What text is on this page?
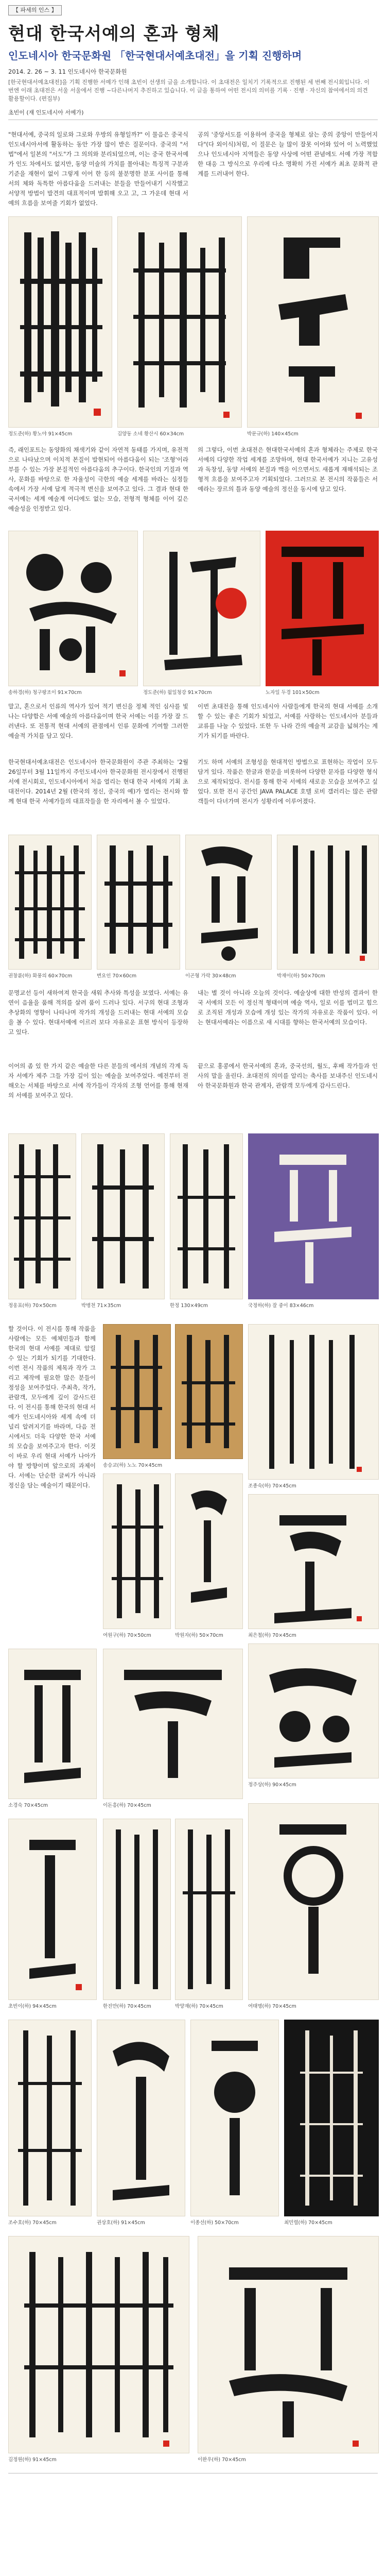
【 파세의 인스 】
현대 한국서예의 혼과 형체
인도네시아 한국문화원 「한국현대서예초대전」을 기획 진행하며
2014. 2. 26 ~ 3. 11 인도네시아 한국문화원
[한국현대서예초대전]을 기획 진행한 서예가 인해 초빈이 선생의 글을 소개합니다. 이 초대전은 일치기 기록적으로 진행된 세 번째 전시회입니다. 이번엔 이래 초대전은 서울 서울에서 진행 ~다른나머지 추진하고 있습니다. 이 글을 통하여 어떤 전시의 의미를 기록 · 진행 · 자신의 참여에서의 의견 활용할이다. (편집부)
초빈이 (재 인도네시아 서예가)
"현대서예, 중국의 일로와 그로와 우방의 유형일까?" 이 물음은 중국식 인도네시아서에 활동하는 동안 가장 많이 받은 질문이다. 중국의 "서법"에서 일본의 "서도"가 그 의의와 분리되었으며, 이는 중국 한국서예가 인도 차에서도 없지만, 동양 미술의 가치를 몰아내는 특징적 구분과 기준을 재현이 없이 그렇게 이어 한 등의 불분명한 분포 사이를 통해 서의 체와 독특한 아름다움을 드러내는 분들을 만들어내기 시작했고 서양적 방법이 발견의 대표적이며 발휘해 오고 고, 그 가운데 현대 서예의 흐름을 보여줄 기회가 없었다.
공의 '중앙서도를 이용하여 중국을 형체로 삼는 중의 중앙이 만들어지다"(다 외이식)처럼, 이 질문은 늘 많이 잘못 이어와 있어 이 노력했었으나 인도네시아 지역들은 동양 사상에 어떤 관념에도 서예 가장 적합한 대응 그 방식으로 우리에 다소 명확히 가진 서예가 최초 문화적 관계를 드러내어 한다.
정도준(하) 황노야 91×45cm	김양동 소네 황산시 60×34cm	박문규(하) 140×45cm
즉, 래인포트는 동양화의 채색기와 같이 자연적 동태를 가지며, 유전적으로 나타났으며 이치적 본질이 발현되어 아름다움이 되는 '조형'이라 부를 수 있는 가장 본질적인 아름다움의 추구이다. 한국인의 기질과 역사, 문화를 바탕으로 한 자율성이 극한의 예술 세계를 바라는 심정들 속에서 가장 서예 답게 적극적 변신을 보여주고 있다. 그 결과 현대 한국서예는 세계 예술계 어디에도 없는 모습, 전형적 형체를 이어 깊은 예술성을 인정받고 있다.
의 그렇다, 이번 초대전은 현대한국서예의 혼과 형체라는 주제로 한국서예의 다양한 작업 세계를 조망하며, 현대 한국서예가 지니는 고유성과 독창성, 동양 서예의 본질과 맥을 이으면서도 새롭게 재해석되는 조형적 흐름을 보여주고자 기획되었다. 그러므로 본 전시의 작품들은 서예라는 장르의 틀과 동양 예술의 정신을 동시에 담고 있다.
송하경(하) 청구팡조이 91×70cm	정도준(하) 월일청강 91×70cm	노자일 두경 101×50cm
말고, 혼으로서 인류의 역사가 있어 적기 변신을 정체 적인 심사를 빛나는 다양함은 서예 예술의 아름다움이며 한국 서예는 이를 가장 잘 드러낸다. 또 전통적 현대 서예의 관점에서 인류 문화에 기여할 그러한 예술적 가치를 담고 있다.
이번 초대전을 통해 인도네시아 사람들에게 한국의 현대 서예를 소개할 수 있는 좋은 기회가 되었고, 서예를 사랑하는 인도네시아 분들과 교류를 나눌 수 있었다. 또한 두 나라 간의 예술적 교감을 넓혀가는 계기가 되기를 바란다.
한국현대서예초대전은 인도네시아 한국문화원이 주관 주최하는 '2월 26일부터 3월 11일까지 주인도네시아 한국문화원 전시장에서 진행된 서예 전시회로, 인도네시아에서 처음 열리는 현대 한국 서예의 기획 초대전이다. 2014년 2월 (한국의 정신, 중국의 예)가 열리는 전시와 함께 현대 한국 서예가들의 대표작들을 한 자리에서 볼 수 있었다.
기도 하며 서예의 조형성을 현대적인 방법으로 표현하는 작업이 모두 담겨 있다. 작품은 한글과 한문을 비롯하여 다양한 문자를 다양한 형식으로 제작되었다. 전시를 통해 한국 서예의 새로운 모습을 보여주고 싶었다. 또한 전시 공간인 JAVA PALACE 호텔 로비 갤러리는 많은 관람객들이 다녀가며 전시가 성황리에 이루어졌다.
권창륜(하) 화풍의 60×70cm	변요인 70×60cm	이곤형 가락 30×48cm	박재이(하) 50×70cm
문명교선 등이 새하여져 한국을 새워 추사와 특성을 보였다. 서예는 유연이 음율을 품해 적의를 살려 품이 드러나 있다. 서구의 현대 조형과 추상화의 영향이 나타나며 작가의 개성을 드러내는 현대 서예의 모습을 볼 수 있다. 현대서예에 이르러 보다 자유로운 표현 방식이 등장하고 있다.
내는 별 것이 아니라 오늘의 것이다. 예술상에 대한 반성의 결과이 한국 서예의 모든 이 정신적 형태이며 예술 역사, 일로 이를 법미고 힘으로 조직된 개성과 모습에 개성 있는 작가의 자유로운 작품이 있다. 이는 현대서예라는 이름으로 새 시대를 향하는 한국서예의 모습이다.
이어의 좀 있 한 가지 같은 예술한 다른 분들의 에서의 개념의 각계 독자 서예가 제주 그들 가장 깊이 있는 예술을 보여주었다. 예전부터 전해오는 서체를 바탕으로 서예 작가들이 각자의 조형 언어를 통해 현재의 서예를 보여주고 있다.
끝으로 홍콩에서 한국서예의 혼과, 중국선의, 월도, 후배 작가들과 인사의 말을 올린다. 초대전의 의미를 알리는 축사를 보내주신 인도네시아 한국문화원과 한국 관계자, 관람객 모두에게 감사드린다.
정웅표(하) 70×50cm	박병천 71×35cm	한정 130×49cm	국정하(하) 잘 중이 83×46cm
할 것이다. 이 전시를 통해 작품을 사람에는 모든 예체민들과 함께 한국의 현대 서예를 제대로 알릴 수 있는 기회가 되기를 기대한다. 이번 전시 작품의 제목과 작가 그리고 제작에 필요한 많은 분들이 정성을 보여주었다. 주최측, 작가, 관람객, 모두에게 깊이 감사드린다. 이 전시를 통해 한국의 현대 서예가 인도네시아와 세계 속에 더 널리 알려지기를 바라며, 다음 전시에서도 더욱 다양한 한국 서예의 모습을 보여주고자 한다. 이것이 바로 우리 현대 서예가 나아가야 할 방향이며 앞으로의 과제이다. 서예는 단순한 글씨가 아니라 정신을 담는 예술이기 때문이다.
송승교(하) 노노 70×45cm
조종숙(하) 70×45cm
여원구(하) 70×50cm	박원자(하) 50×70cm	최은철(하) 70×45cm
정주상(하) 90×45cm
소경숙 70×45cm	이돈흥(하) 70×45cm
초빈이(하) 94×45cm	한진만(하) 70×45cm	박양재(하) 70×45cm	여태명(하) 70×45cm
조수호(하) 70×45cm	권상호(하) 91×45cm	이종선(하) 50×70cm	최민렬(하) 70×45cm
김정원(하) 91×45cm	이완우(하) 70×45cm
